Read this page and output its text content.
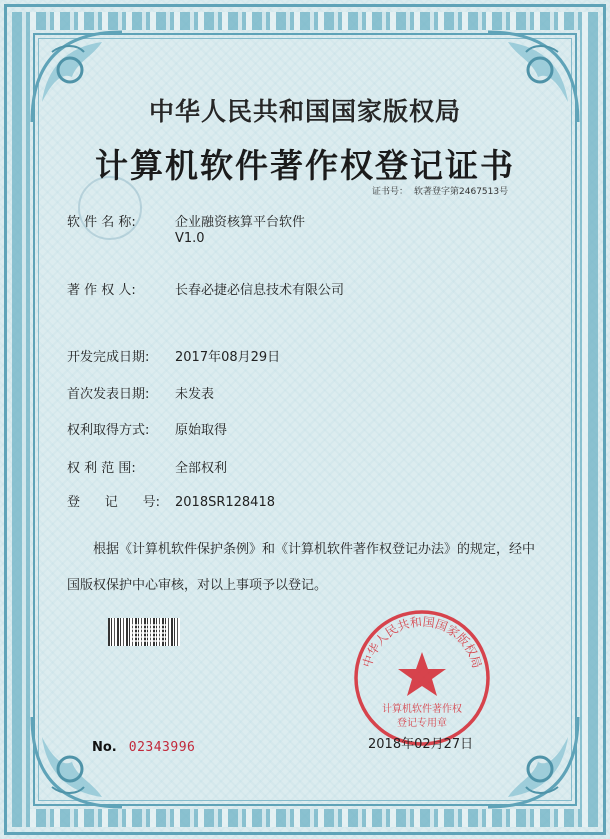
中华人民共和国国家版权局
计算机软件著作权登记证书
证书号： 软著登字第2467513号
软 件 名 称:	企业融资核算平台软件
V1.0
著 作 权 人:	长春必捷必信息技术有限公司
开发完成日期: 2017年08月29日
首次发表日期: 未发表
权利取得方式: 原始取得
权 利 范 围:	全部权利
登      记      号: 2018SR128418
根据《计算机软件保护条例》和《计算机软件著作权登记办法》的规定，经中国版权保护中心审核，对以上事项予以登记。
No. 02343996
中华人民共和国国家版权局
计算机软件著作权
登记专用章
2018年02月27日
